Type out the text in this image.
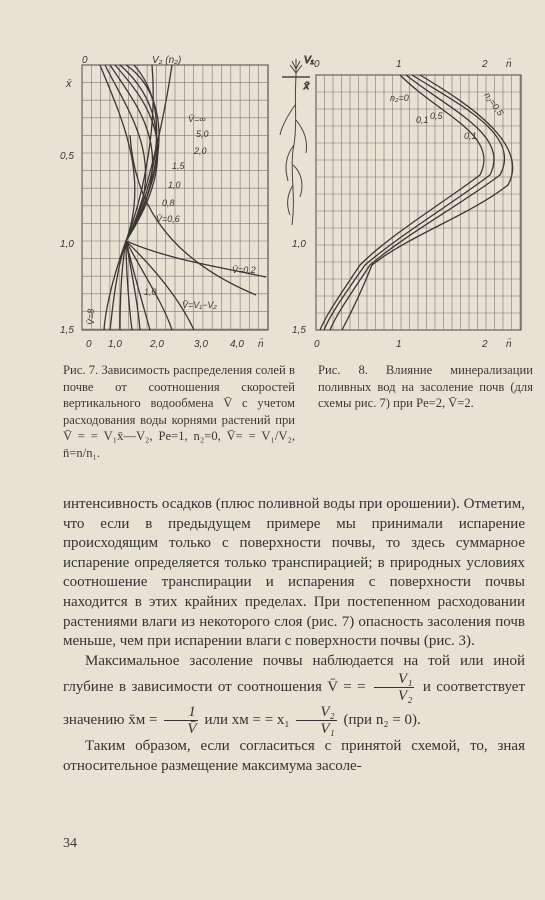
0	V₂ (n₂)
x̄
0,5
1,0
1,5
0 1,0	2,0	3,0 4,0 n̄
V̄=∞
5,0
2,0
1,5
1,0
0,8
V̄=0,6
V̄=0,2
1,0
V̄=8
V̄=V₁−V₂
V₁
x̄
0	1	2 n̄
1,0
1,5
0	1	2 n̄
n₂=0
0,1 0,5	n₂=0,5
0,1
Рис. 7. Зависимость распределения солей в почве от соотношения скоростей вертикального водообмена V̄ с учетом расходования воды корнями растений при V̄ = = V₁x̄—V₂, Pe=1, n₂=0, V̄= = V₁/V₂, n̄=n/n₁.
Рис. 8. Влияние минерализации поливных вод на засоление почв (для схемы рис. 7) при Pe=2, V̄=2.

интенсивность осадков (плюс поливной воды при орошении). Отметим, что если в предыдущем примере мы принимали испарение происходящим только с поверхности почвы, то здесь суммарное испарение определяется только транспирацией; в природных условиях соотношение транспирации и испарения с поверхности почвы находится в этих крайних пределах. При постепенном расходовании растениями влаги из некоторого слоя (рис. 7) опасность засоления почв меньше, чем при испарении влаги с поверхности почвы (рис. 3).

Максимальное засоление почвы наблюдается на той или иной глубине в зависимости от соотношения V̄ = = $\frac{\text{V₁}}{\text{V₂}}$ и соответствует значению x̄м = $\frac{1}{V̄}$ или xм = = $x_1 \frac{\text{V₂}}{\text{V₁}} (при$ n₂ = 0).

Таким образом, если согласиться с принятой схемой, то, зная относительное размещение максимума засоле-

34
